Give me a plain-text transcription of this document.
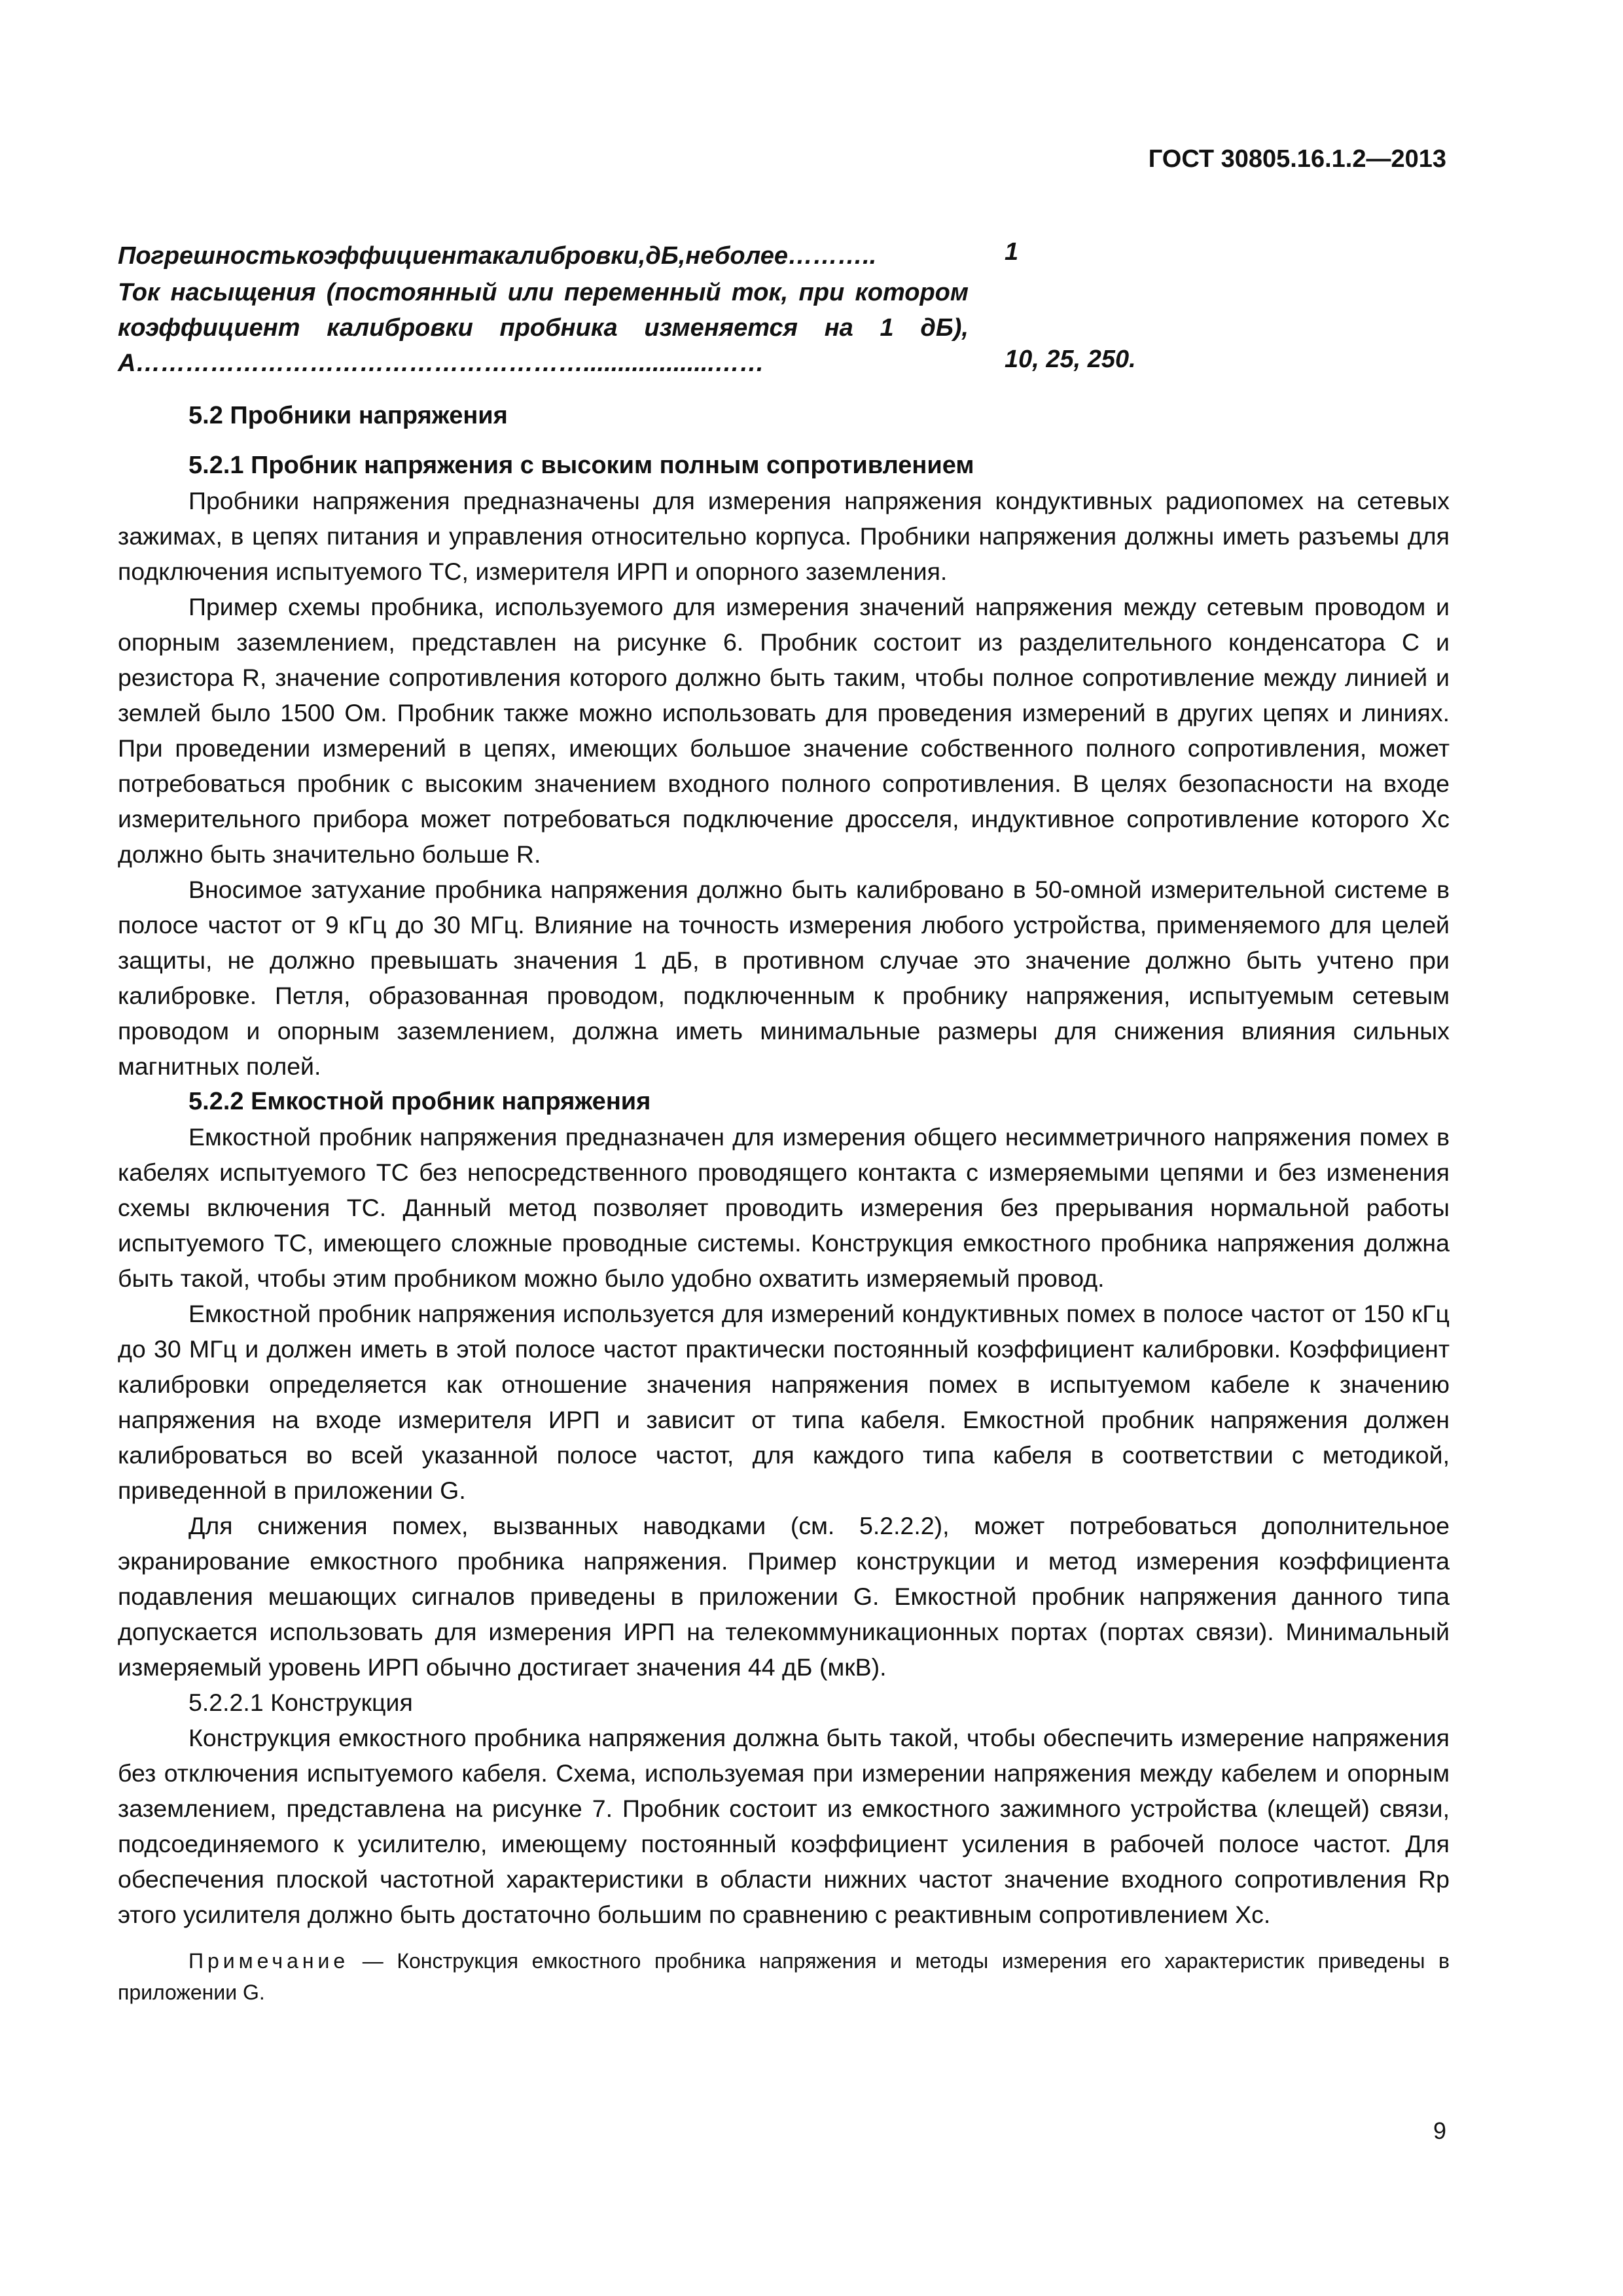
ГОСТ 30805.16.1.2—2013
Погрешностькоэффициентакалибровки,дБ,неболее………..	1
Ток насыщения (постоянный или переменный ток, при котором коэффициент калибровки пробника изменяется на 1 дБ), А………………………………………………...................……	10, 25, 250.
5.2 Пробники напряжения
5.2.1 Пробник напряжения с высоким полным сопротивлением

Пробники напряжения предназначены для измерения напряжения кондуктивных радиопомех на сетевых зажимах, в цепях питания и управления относительно корпуса. Пробники напряжения должны иметь разъемы для подключения испытуемого ТС, измерителя ИРП и опорного заземления.

Пример схемы пробника, используемого для измерения значений напряжения между сетевым проводом и опорным заземлением, представлен на рисунке 6. Пробник состоит из разделительного конденсатора C и резистора R, значение сопротивления которого должно быть таким, чтобы полное сопротивление между линией и землей было 1500 Ом. Пробник также можно использовать для проведения измерений в других цепях и линиях. При проведении измерений в цепях, имеющих большое значение собственного полного сопротивления, может потребоваться пробник с высоким значением входного полного сопротивления. В целях безопасности на входе измерительного прибора может потребоваться подключение дросселя, индуктивное сопротивление которого Xc должно быть значительно больше R.

Вносимое затухание пробника напряжения должно быть калибровано в 50-омной измерительной системе в полосе частот от 9 кГц до 30 МГц. Влияние на точность измерения любого устройства, применяемого для целей защиты, не должно превышать значения 1 дБ, в противном случае это значение должно быть учтено при калибровке. Петля, образованная проводом, подключенным к пробнику напряжения, испытуемым сетевым проводом и опорным заземлением, должна иметь минимальные размеры для снижения влияния сильных магнитных полей.

5.2.2 Емкостной пробник напряжения

Емкостной пробник напряжения предназначен для измерения общего несимметричного напряжения помех в кабелях испытуемого ТС без непосредственного проводящего контакта с измеряемыми цепями и без изменения схемы включения ТС. Данный метод позволяет проводить измерения без прерывания нормальной работы испытуемого ТС, имеющего сложные проводные системы. Конструкция емкостного пробника напряжения должна быть такой, чтобы этим пробником можно было удобно охватить измеряемый провод.

Емкостной пробник напряжения используется для измерений кондуктивных помех в полосе частот от 150 кГц до 30 МГц и должен иметь в этой полосе частот практически постоянный коэффициент калибровки. Коэффициент калибровки определяется как отношение значения напряжения помех в испытуемом кабеле к значению напряжения на входе измерителя ИРП и зависит от типа кабеля. Емкостной пробник напряжения должен калиброваться во всей указанной полосе частот, для каждого типа кабеля в соответствии с методикой, приведенной в приложении G.

Для снижения помех, вызванных наводками (см. 5.2.2.2), может потребоваться дополнительное экранирование емкостного пробника напряжения. Пример конструкции и метод измерения коэффициента подавления мешающих сигналов приведены в приложении G. Емкостной пробник напряжения данного типа допускается использовать для измерения ИРП на телекоммуникационных портах (портах связи). Минимальный измеряемый уровень ИРП обычно достигает значения 44 дБ (мкВ).

5.2.2.1 Конструкция

Конструкция емкостного пробника напряжения должна быть такой, чтобы обеспечить измерение напряжения без отключения испытуемого кабеля. Схема, используемая при измерении напряжения между кабелем и опорным заземлением, представлена на рисунке 7. Пробник состоит из емкостного зажимного устройства (клещей) связи, подсоединяемого к усилителю, имеющему постоянный коэффициент усиления в рабочей полосе частот. Для обеспечения плоской частотной характеристики в области нижних частот значение входного сопротивления Rp этого усилителя должно быть достаточно большим по сравнению с реактивным сопротивлением Xc.

Примечание — Конструкция емкостного пробника напряжения и методы измерения его характеристик приведены в приложении G.

9
